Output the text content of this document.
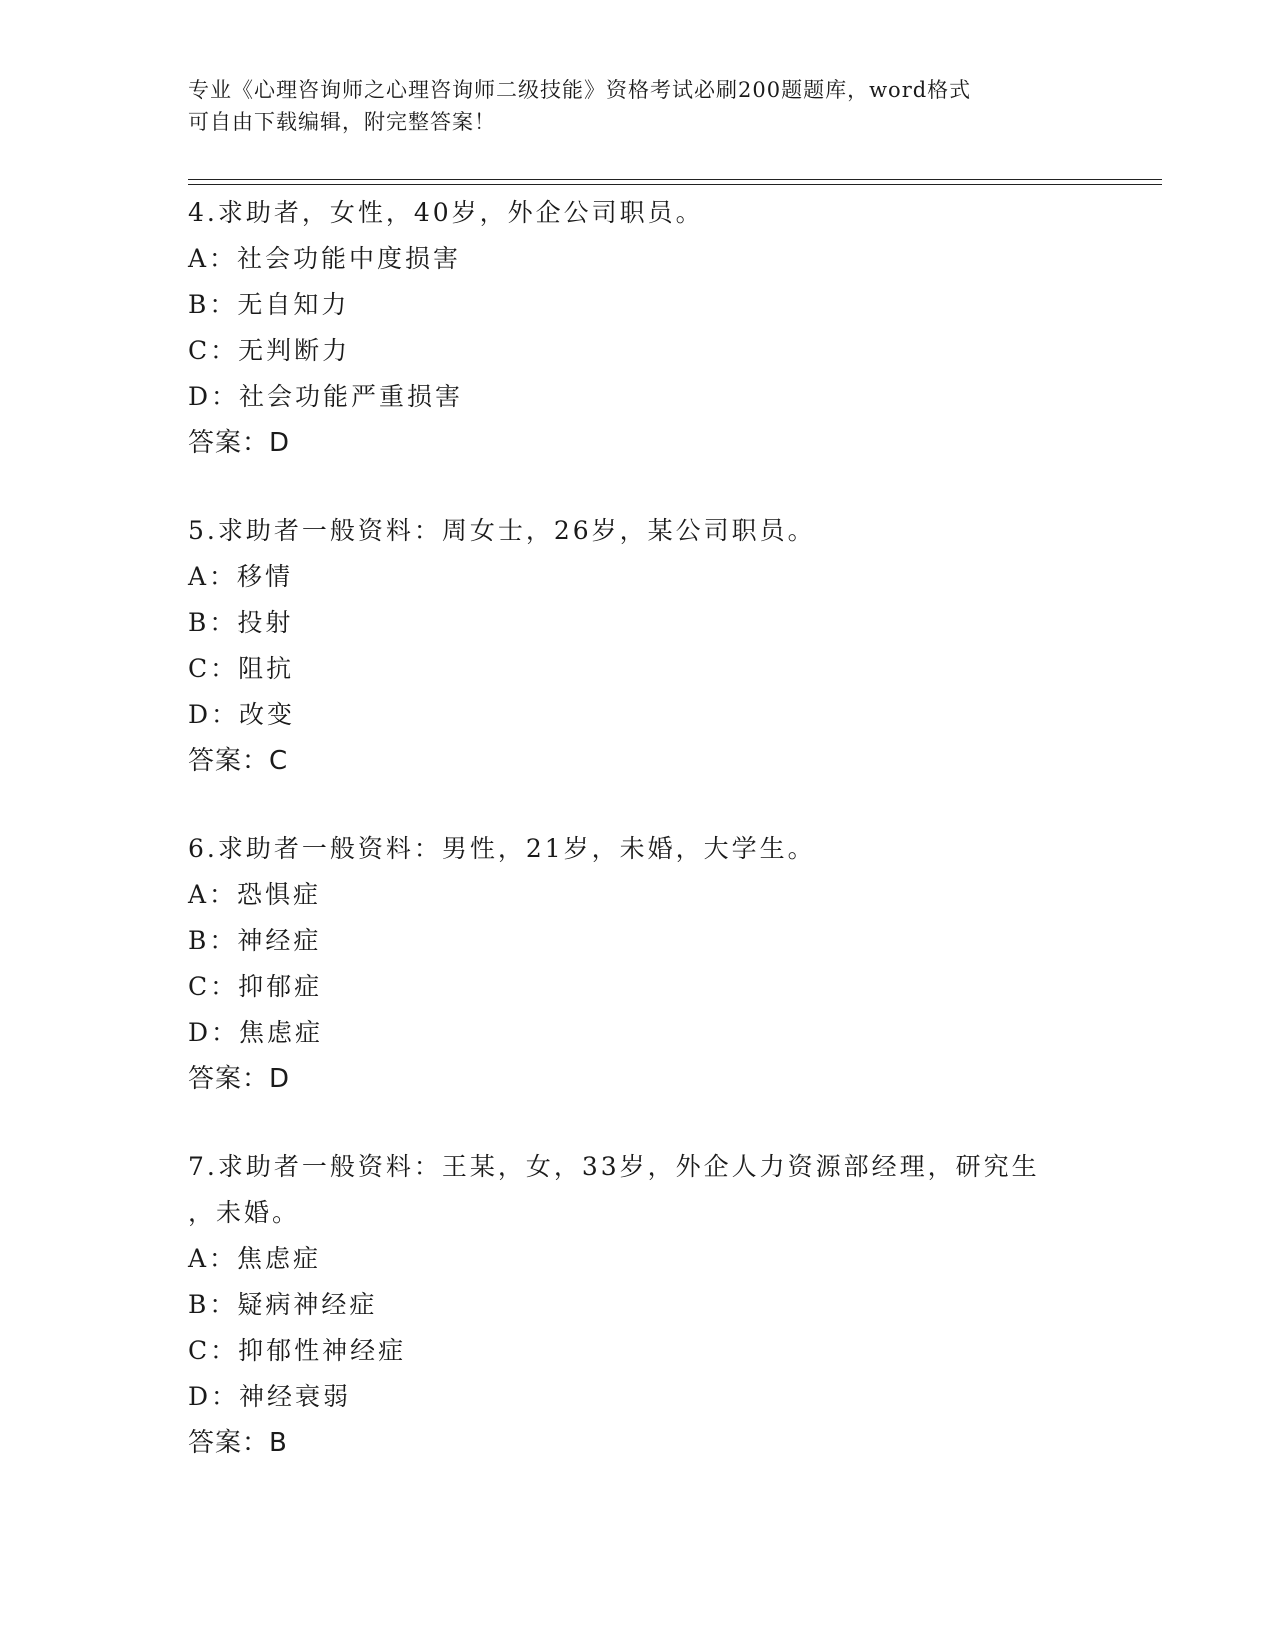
专业《心理咨询师之心理咨询师二级技能》资格考试必刷200题题库，word格式
可自由下载编辑，附完整答案！
4.求助者，女性，40岁，外企公司职员。
A：社会功能中度损害
B：无自知力
C：无判断力
D：社会功能严重损害
答案：D
5.求助者一般资料：周女士，26岁，某公司职员。
A：移情
B：投射
C：阻抗
D：改变
答案：C
6.求助者一般资料：男性，21岁，未婚，大学生。
A：恐惧症
B：神经症
C：抑郁症
D：焦虑症
答案：D
7.求助者一般资料：王某，女，33岁，外企人力资源部经理，研究生
，未婚。
A：焦虑症
B：疑病神经症
C：抑郁性神经症
D：神经衰弱
答案：B
